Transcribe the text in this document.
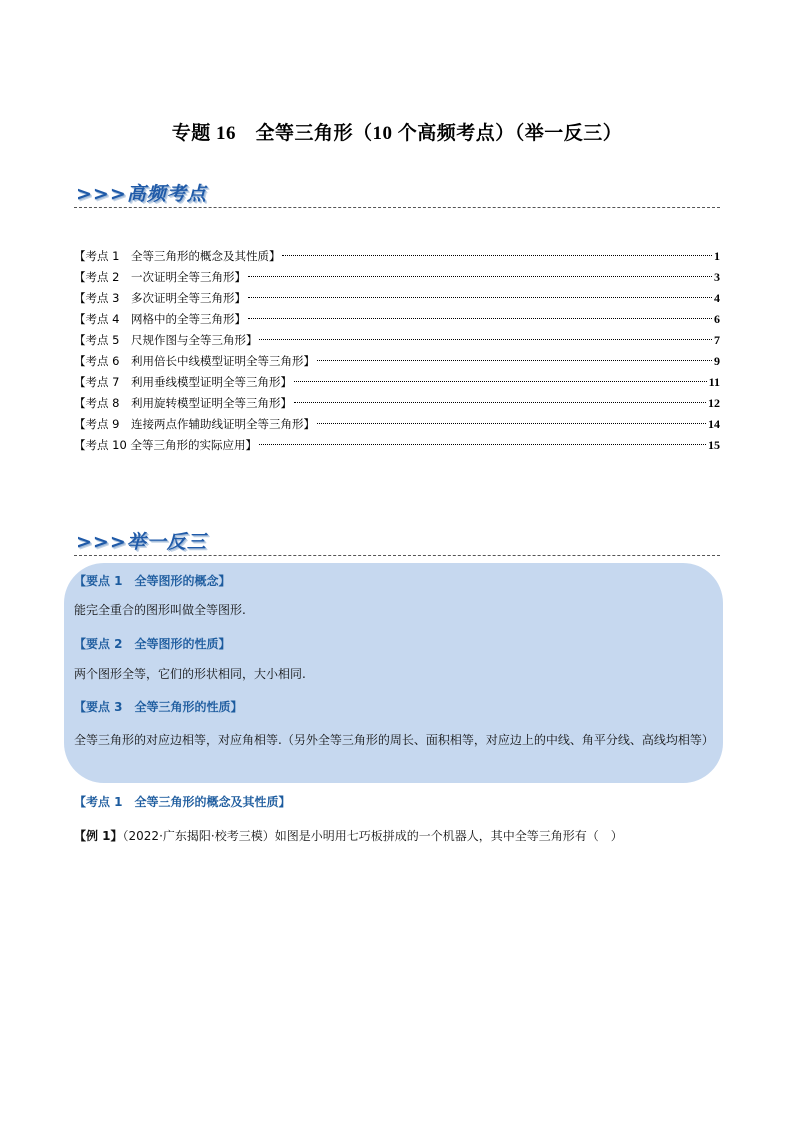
专题 16　全等三角形（10 个高频考点）（举一反三）
>>>高频考点
【考点 1　全等三角形的概念及其性质】	1
【考点 2　一次证明全等三角形】	3
【考点 3　多次证明全等三角形】	4
【考点 4　网格中的全等三角形】	6
【考点 5　尺规作图与全等三角形】	7
【考点 6　利用倍长中线模型证明全等三角形】	9
【考点 7　利用垂线模型证明全等三角形】	11
【考点 8　利用旋转模型证明全等三角形】	12
【考点 9　连接两点作辅助线证明全等三角形】	14
【考点 10 全等三角形的实际应用】	15
>>>举一反三
【要点 1　全等图形的概念】
能完全重合的图形叫做全等图形.
【要点 2　全等图形的性质】
两个图形全等，它们的形状相同，大小相同.
【要点 3　全等三角形的性质】
全等三角形的对应边相等，对应角相等.（另外全等三角形的周长、面积相等，对应边上的中线、角平分线、高线均相等）
【考点 1　全等三角形的概念及其性质】
【例 1】（2022·广东揭阳·校考三模）如图是小明用七巧板拼成的一个机器人，其中全等三角形有（　）
